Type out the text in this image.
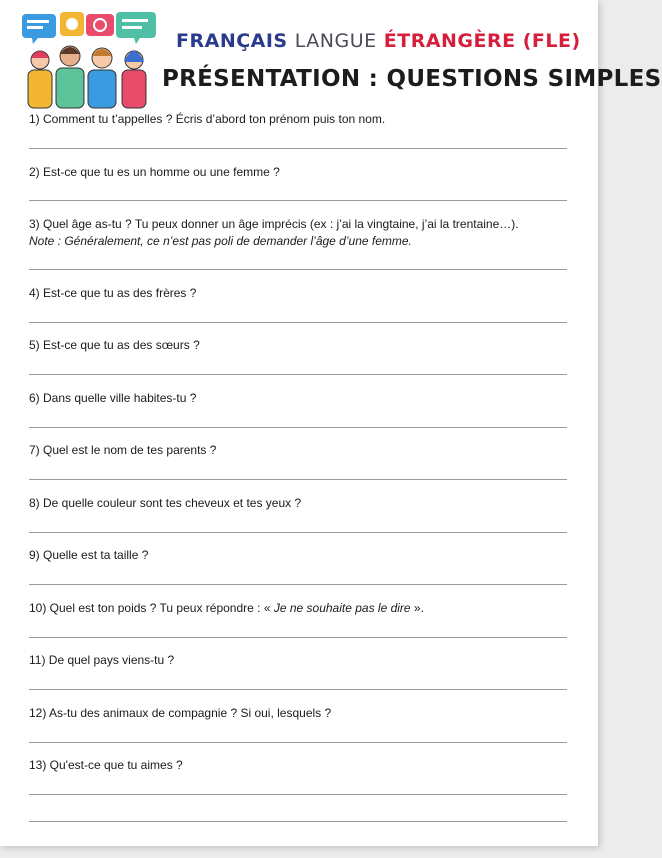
FRANÇAIS LANGUE ÉTRANGÈRE (FLE)
PRÉSENTATION : QUESTIONS SIMPLES
1) Comment tu t’appelles ? Écris d’abord ton prénom puis ton nom.
2) Est-ce que tu es un homme ou une femme ?
3) Quel âge as-tu ? Tu peux donner un âge imprécis (ex : j’ai la vingtaine, j’ai la trentaine…).
Note : Généralement, ce n’est pas poli de demander l’âge d’une femme.
4) Est-ce que tu as des frères ?
5) Est-ce que tu as des sœurs ?
6) Dans quelle ville habites-tu ?
7) Quel est le nom de tes parents ?
8) De quelle couleur sont tes cheveux et tes yeux ?
9) Quelle est ta taille ?
10) Quel est ton poids ? Tu peux répondre : « Je ne souhaite pas le dire ».
11) De quel pays viens-tu ?
12) As-tu des animaux de compagnie ? Si oui, lesquels ?
13) Qu'est-ce que tu aimes ?
